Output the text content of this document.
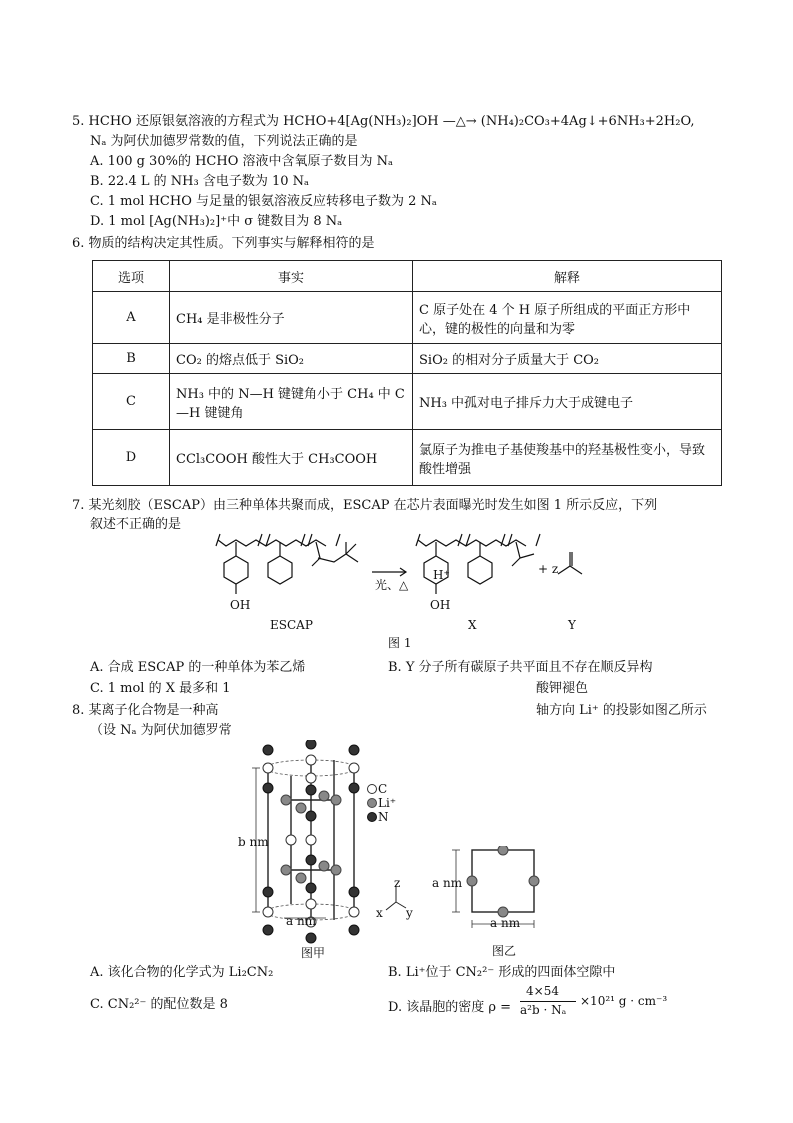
5. HCHO 还原银氨溶液的方程式为 HCHO+4[Ag(NH₃)₂]OH —△→ (NH₄)₂CO₃+4Ag↓+6NH₃+2H₂O,
Nₐ 为阿伏加德罗常数的值，下列说法正确的是
A. 100 g 30%的 HCHO 溶液中含氧原子数目为 Nₐ
B. 22.4 L 的 NH₃ 含电子数为 10 Nₐ
C. 1 mol HCHO 与足量的银氨溶液反应转移电子数为 2 Nₐ
D. 1 mol [Ag(NH₃)₂]⁺中 σ 键数目为 8 Nₐ
6. 物质的结构决定其性质。下列事实与解释相符的是
选项	事实	解释
A	CH₄ 是非极性分子	C 原子处在 4 个 H 原子所组成的平面正方形中心，键的极性的向量和为零
B	CO₂ 的熔点低于 SiO₂	SiO₂ 的相对分子质量大于 CO₂
C	NH₃ 中的 N—H 键键角小于 CH₄ 中 C—H 键键角	NH₃ 中孤对电子排斥力大于成键电子
D	CCl₃COOH 酸性大于 CH₃COOH	氯原子为推电子基使羧基中的羟基极性变小，导致酸性增强
7. 某光刻胶（ESCAP）由三种单体共聚而成，ESCAP 在芯片表面曝光时发生如图 1 所示反应，下列
叙述不正确的是
H⁺
光、△
OH	OH
+ z
ESCAP	X	Y
图 1
A. 合成 ESCAP 的一种单体为苯乙烯	B. Y 分子所有碳原子共平面且不存在顺反异构
C. 1 mol 的 X 最多和 1	酸钾褪色
8. 某离子化合物是一种高	轴方向 Li⁺ 的投影如图乙所示
（设 Nₐ 为阿伏加德罗常
b nm
a nm
图甲
C
Li⁺
N
z
x y
a nm
a nm
图乙
A. 该化合物的化学式为 Li₂CN₂	B. Li⁺位于 CN₂²⁻ 形成的四面体空隙中
C. CN₂²⁻ 的配位数是 8	D. 该晶胞的密度 ρ =
4×54
a²b · Nₐ
×10²¹ g · cm⁻³
